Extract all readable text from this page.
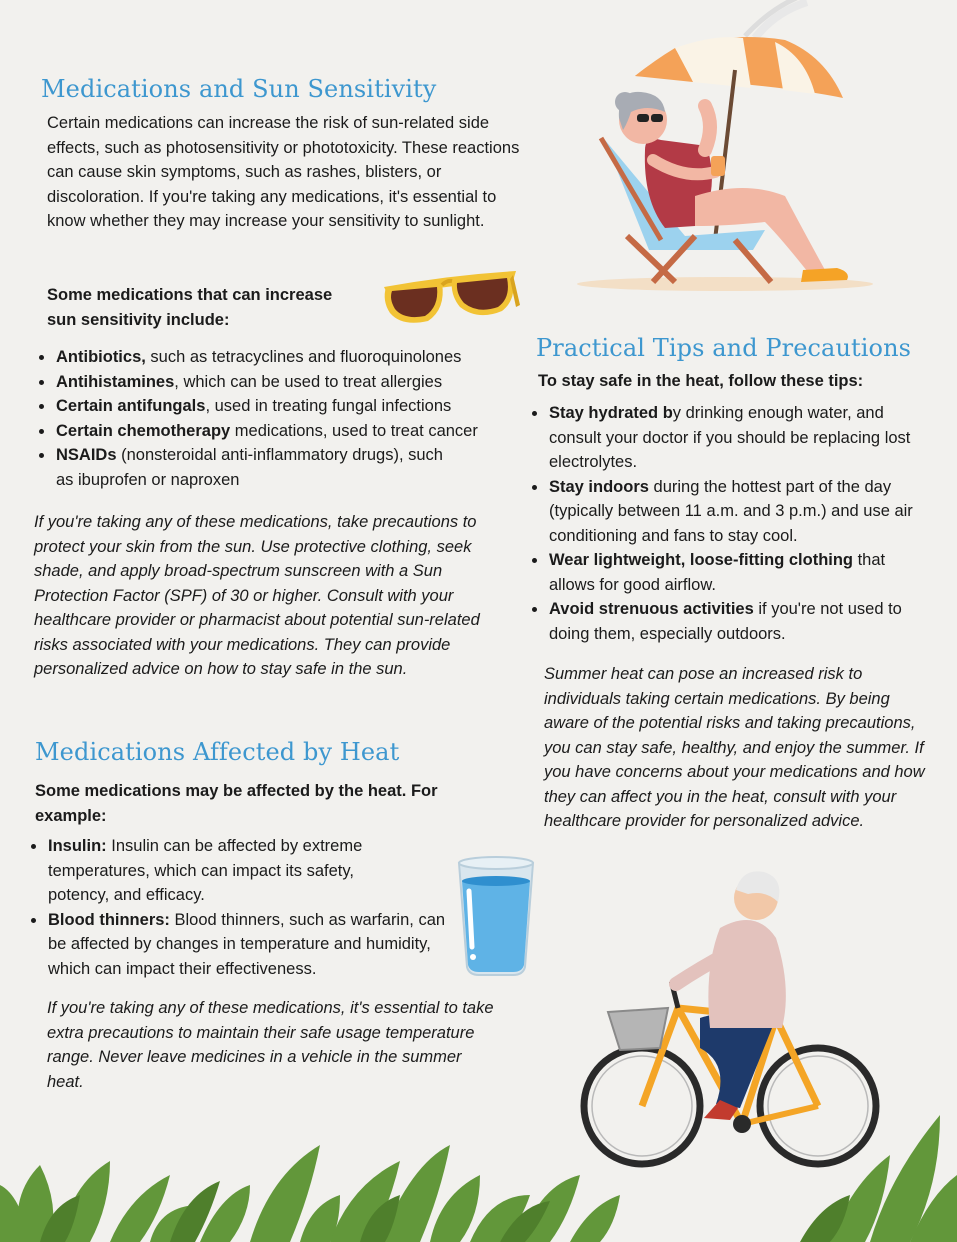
Medications and Sun Sensitivity

Certain medications can increase the risk of sun-related side effects, such as photosensitivity or phototoxicity. These reactions can cause skin symptoms, such as rashes, blisters, or discoloration. If you're taking any medications, it's essential to know whether they may increase your sensitivity to sunlight.

Some medications that can increase sun sensitivity include:

Antibiotics, such as tetracyclines and fluoroquinolones
Antihistamines, which can be used to treat allergies
Certain antifungals, used in treating fungal infections
Certain chemotherapy medications, used to treat cancer
NSAIDs (nonsteroidal anti-inflammatory drugs), such as ibuprofen or naproxen

If you're taking any of these medications, take precautions to protect your skin from the sun. Use protective clothing, seek shade, and apply broad-spectrum sunscreen with a Sun Protection Factor (SPF) of 30 or higher. Consult with your healthcare provider or pharmacist about potential sun-related risks associated with your medications. They can provide personalized advice on how to stay safe in the sun.

Medications Affected by Heat

Some medications may be affected by the heat. For example:

Insulin: Insulin can be affected by extreme temperatures, which can impact its safety, potency, and efficacy.
Blood thinners: Blood thinners, such as warfarin, can be affected by changes in temperature and humidity, which can impact their effectiveness.

If you're taking any of these medications, it's essential to take extra precautions to maintain their safe usage temperature range. Never leave medicines in a vehicle in the summer heat.

Practical Tips and Precautions

To stay safe in the heat, follow these tips:

Stay hydrated by drinking enough water, and consult your doctor if you should be replacing lost electrolytes.
Stay indoors during the hottest part of the day (typically between 11 a.m. and 3 p.m.) and use air conditioning and fans to stay cool.
Wear lightweight, loose-fitting clothing that allows for good airflow.
Avoid strenuous activities if you're not used to doing them, especially outdoors.

Summer heat can pose an increased risk to individuals taking certain medications. By being aware of the potential risks and taking precautions, you can stay safe, healthy, and enjoy the summer. If you have concerns about your medications and how they can affect you in the heat, consult with your healthcare provider for personalized advice.
